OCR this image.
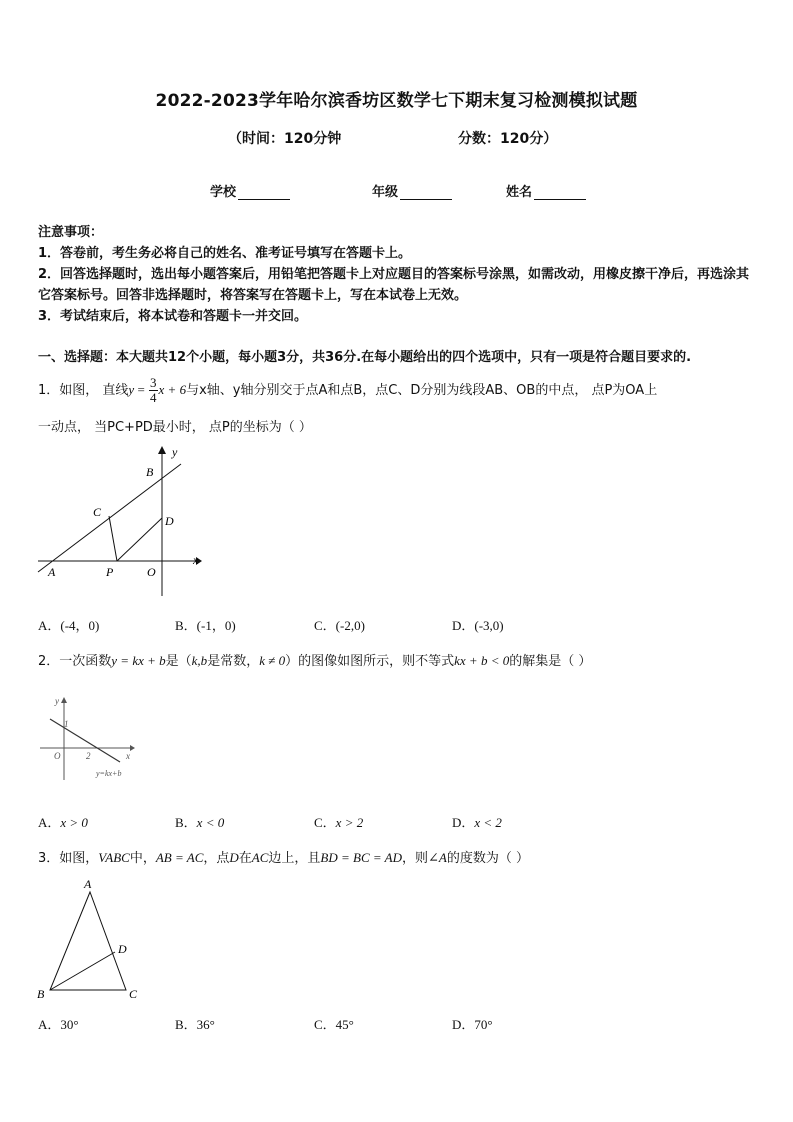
2022-2023学年哈尔滨香坊区数学七下期末复习检测模拟试题
（时间：120分钟	分数：120分）
学校	年级	姓名

注意事项：

1．答卷前，考生务必将自己的姓名、准考证号填写在答题卡上。

2．回答选择题时，选出每小题答案后，用铅笔把答题卡上对应题目的答案标号涂黑，如需改动，用橡皮擦干净后，再选涂其它答案标号。回答非选择题时，将答案写在答题卡上，写在本试卷上无效。

3．考试结束后，将本试卷和答题卡一并交回。

一、选择题：本大题共12个小题，每小题3分，共36分.在每小题给出的四个选项中，只有一项是符合题目要求的.
1．如图， 直线$y = \frac{3}{4}$ x + 6与x轴、y轴分别交于点A和点B，点C、D分别为线段AB、OB的中点， 点P为OA上
一动点， 当PC+PD最小时， 点P的坐标为（ ）
y
x
B
C
D
A	P	O
A．(-4，0)	B．(-1，0)	C．(-2,0)	D．(-3,0)
2．一次函数y = kx + b是（k,b是常数，k ≠ 0）的图像如图所示，则不等式kx + b < 0的解集是（ ）
y
1
O	2	x
y=kx+b
A．x > 0	B．x < 0	C．x > 2	D．x < 2
3．如图，VABC中，AB = AC，点D在AC边上，且BD = BC = AD，则∠A的度数为（ ）
A
B	C
D
A．30°	B．36°	C．45°	D．70°
